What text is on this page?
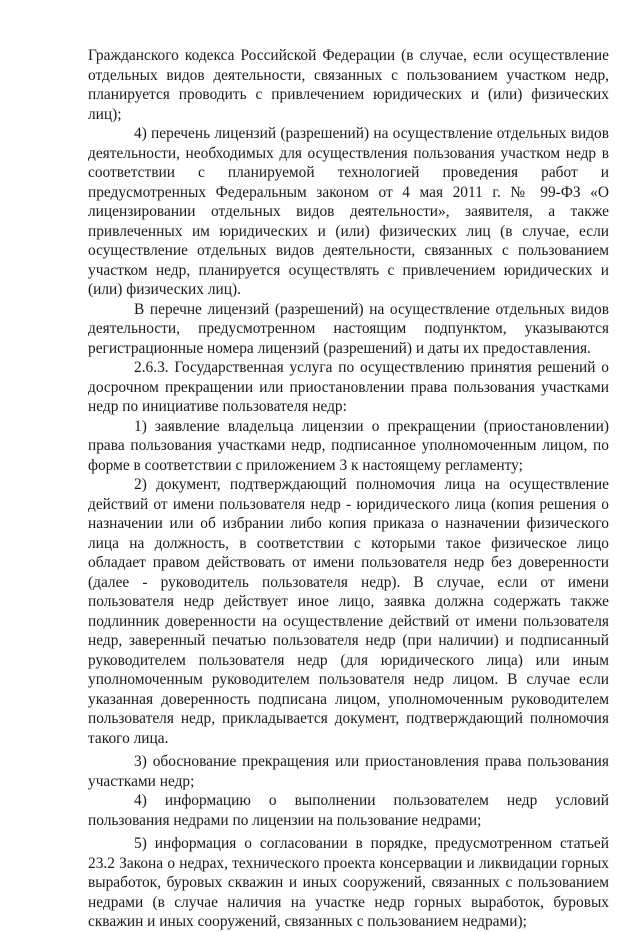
Гражданского кодекса Российской Федерации (в случае, если осуществление отдельных видов деятельности, связанных с пользованием участком недр, планируется проводить с привлечением юридических и (или) физических лиц);

4) перечень лицензий (разрешений) на осуществление отдельных видов деятельности, необходимых для осуществления пользования участком недр в соответствии с планируемой технологией проведения работ и предусмотренных Федеральным законом от 4 мая 2011 г. № 99-ФЗ «О лицензировании отдельных видов деятельности», заявителя, а также привлеченных им юридических и (или) физических лиц (в случае, если осуществление отдельных видов деятельности, связанных с пользованием участком недр, планируется осуществлять с привлечением юридических и (или) физических лиц).

В перечне лицензий (разрешений) на осуществление отдельных видов деятельности, предусмотренном настоящим подпунктом, указываются регистрационные номера лицензий (разрешений) и даты их предоставления.

2.6.3. Государственная услуга по осуществлению принятия решений о досрочном прекращении или приостановлении права пользования участками недр по инициативе пользователя недр:

1) заявление владельца лицензии о прекращении (приостановлении) права пользования участками недр, подписанное уполномоченным лицом, по форме в соответствии с приложением 3 к настоящему регламенту;

2) документ, подтверждающий полномочия лица на осуществление действий от имени пользователя недр - юридического лица (копия решения о назначении или об избрании либо копия приказа о назначении физического лица на должность, в соответствии с которыми такое физическое лицо обладает правом действовать от имени пользователя недр без доверенности (далее - руководитель пользователя недр). В случае, если от имени пользователя недр действует иное лицо, заявка должна содержать также подлинник доверенности на осуществление действий от имени пользователя недр, заверенный печатью пользователя недр (при наличии) и подписанный руководителем пользователя недр (для юридического лица) или иным уполномоченным руководителем пользователя недр лицом. В случае если указанная доверенность подписана лицом, уполномоченным руководителем пользователя недр, прикладывается документ, подтверждающий полномочия такого лица.

3) обоснование прекращения или приостановления права пользования участками недр;

4) информацию о выполнении пользователем недр условий пользования недрами по лицензии на пользование недрами;

5) информация о согласовании в порядке, предусмотренном статьей 23.2 Закона о недрах, технического проекта консервации и ликвидации горных выработок, буровых скважин и иных сооружений, связанных с пользованием недрами (в случае наличия на участке недр горных выработок, буровых скважин и иных сооружений, связанных с пользованием недрами);
